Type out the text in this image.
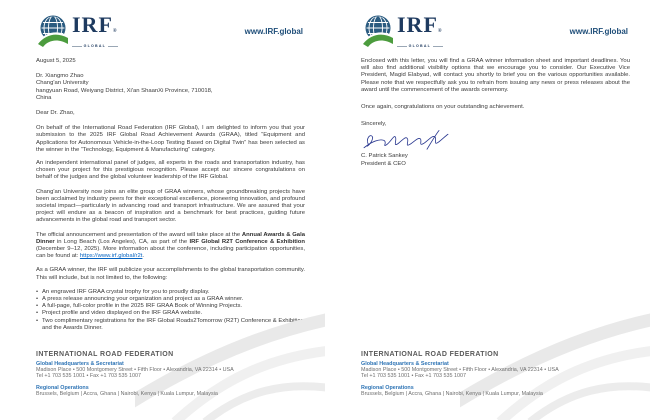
IRF®
GLOBAL
www.IRF.global
August 5, 2025
Dr. Xiangmo Zhao
Chang'an University
hangyuan Road, Weiyang District, Xi'an ShaanXi Province, 710018,
China
Dear Dr. Zhao,

On behalf of the International Road Federation (IRF Global), I am delighted to inform you that your submission to the 2025 IRF Global Road Achievement Awards (GRAA), titled “Equipment and Applications for Autonomous Vehicle-in-the-Loop Testing Based on Digital Twin” has been selected as the winner in the “Technology, Equipment & Manufacturing” category.

An independent international panel of judges, all experts in the roads and transportation industry, has chosen your project for this prestigious recognition. Please accept our sincere congratulations on behalf of the judges and the global volunteer leadership of the IRF Global.

Chang'an University now joins an elite group of GRAA winners, whose groundbreaking projects have been acclaimed by industry peers for their exceptional excellence, pioneering innovation, and profound societal impact—particularly in advancing road and transport infrastructure. We are assured that your project will endure as a beacon of inspiration and a benchmark for best practices, guiding future advancements in the global road and transport sector.

The official announcement and presentation of the award will take place at the Annual Awards & Gala Dinner in Long Beach (Los Angeles), CA, as part of the IRF Global R2T Conference & Exhibition (December 9–12, 2025). More information about the conference, including participation opportunities, can be found at: https://www.irf.global/r2t.

As a GRAA winner, the IRF will publicize your accomplishments to the global transportation community. This will include, but is not limited to, the following:

• An engraved IRF GRAA crystal trophy for you to proudly display.
• A press release announcing your organization and project as a GRAA winner.
• A full-page, full-color profile in the 2025 IRF GRAA Book of Winning Projects.
• Project profile and video displayed on the IRF GRAA website.
• Two complimentary registrations for the IRF Global Roads2Tomorrow (R2T) Conference & Exhibition and the Awards Dinner.
INTERNATIONAL ROAD FEDERATION
Global Headquarters & Secretariat
Madison Place • 500 Montgomery Street • Fifth Floor • Alexandria, VA 22314 • USA
Tel +1 703 535 1001 • Fax +1 703 535 1007
Regional Operations
Brussels, Belgium | Accra, Ghana | Nairobi, Kenya | Kuala Lumpur, Malaysia
IRF®
GLOBAL
www.IRF.global

Enclosed with this letter, you will find a GRAA winner information sheet and important deadlines. You will also find additional visibility options that we encourage you to consider. Our Executive Vice President, Magid Elabyad, will contact you shortly to brief you on the various opportunities available. Please note that we respectfully ask you to refrain from issuing any news or press releases about the award until the commencement of the awards ceremony.

Once again, congratulations on your outstanding achievement.

Sincerely,
C. Patrick Sankey
President & CEO
INTERNATIONAL ROAD FEDERATION
Global Headquarters & Secretariat
Madison Place • 500 Montgomery Street • Fifth Floor • Alexandria, VA 22314 • USA
Tel +1 703 535 1001 • Fax +1 703 535 1007
Regional Operations
Brussels, Belgium | Accra, Ghana | Nairobi, Kenya | Kuala Lumpur, Malaysia
